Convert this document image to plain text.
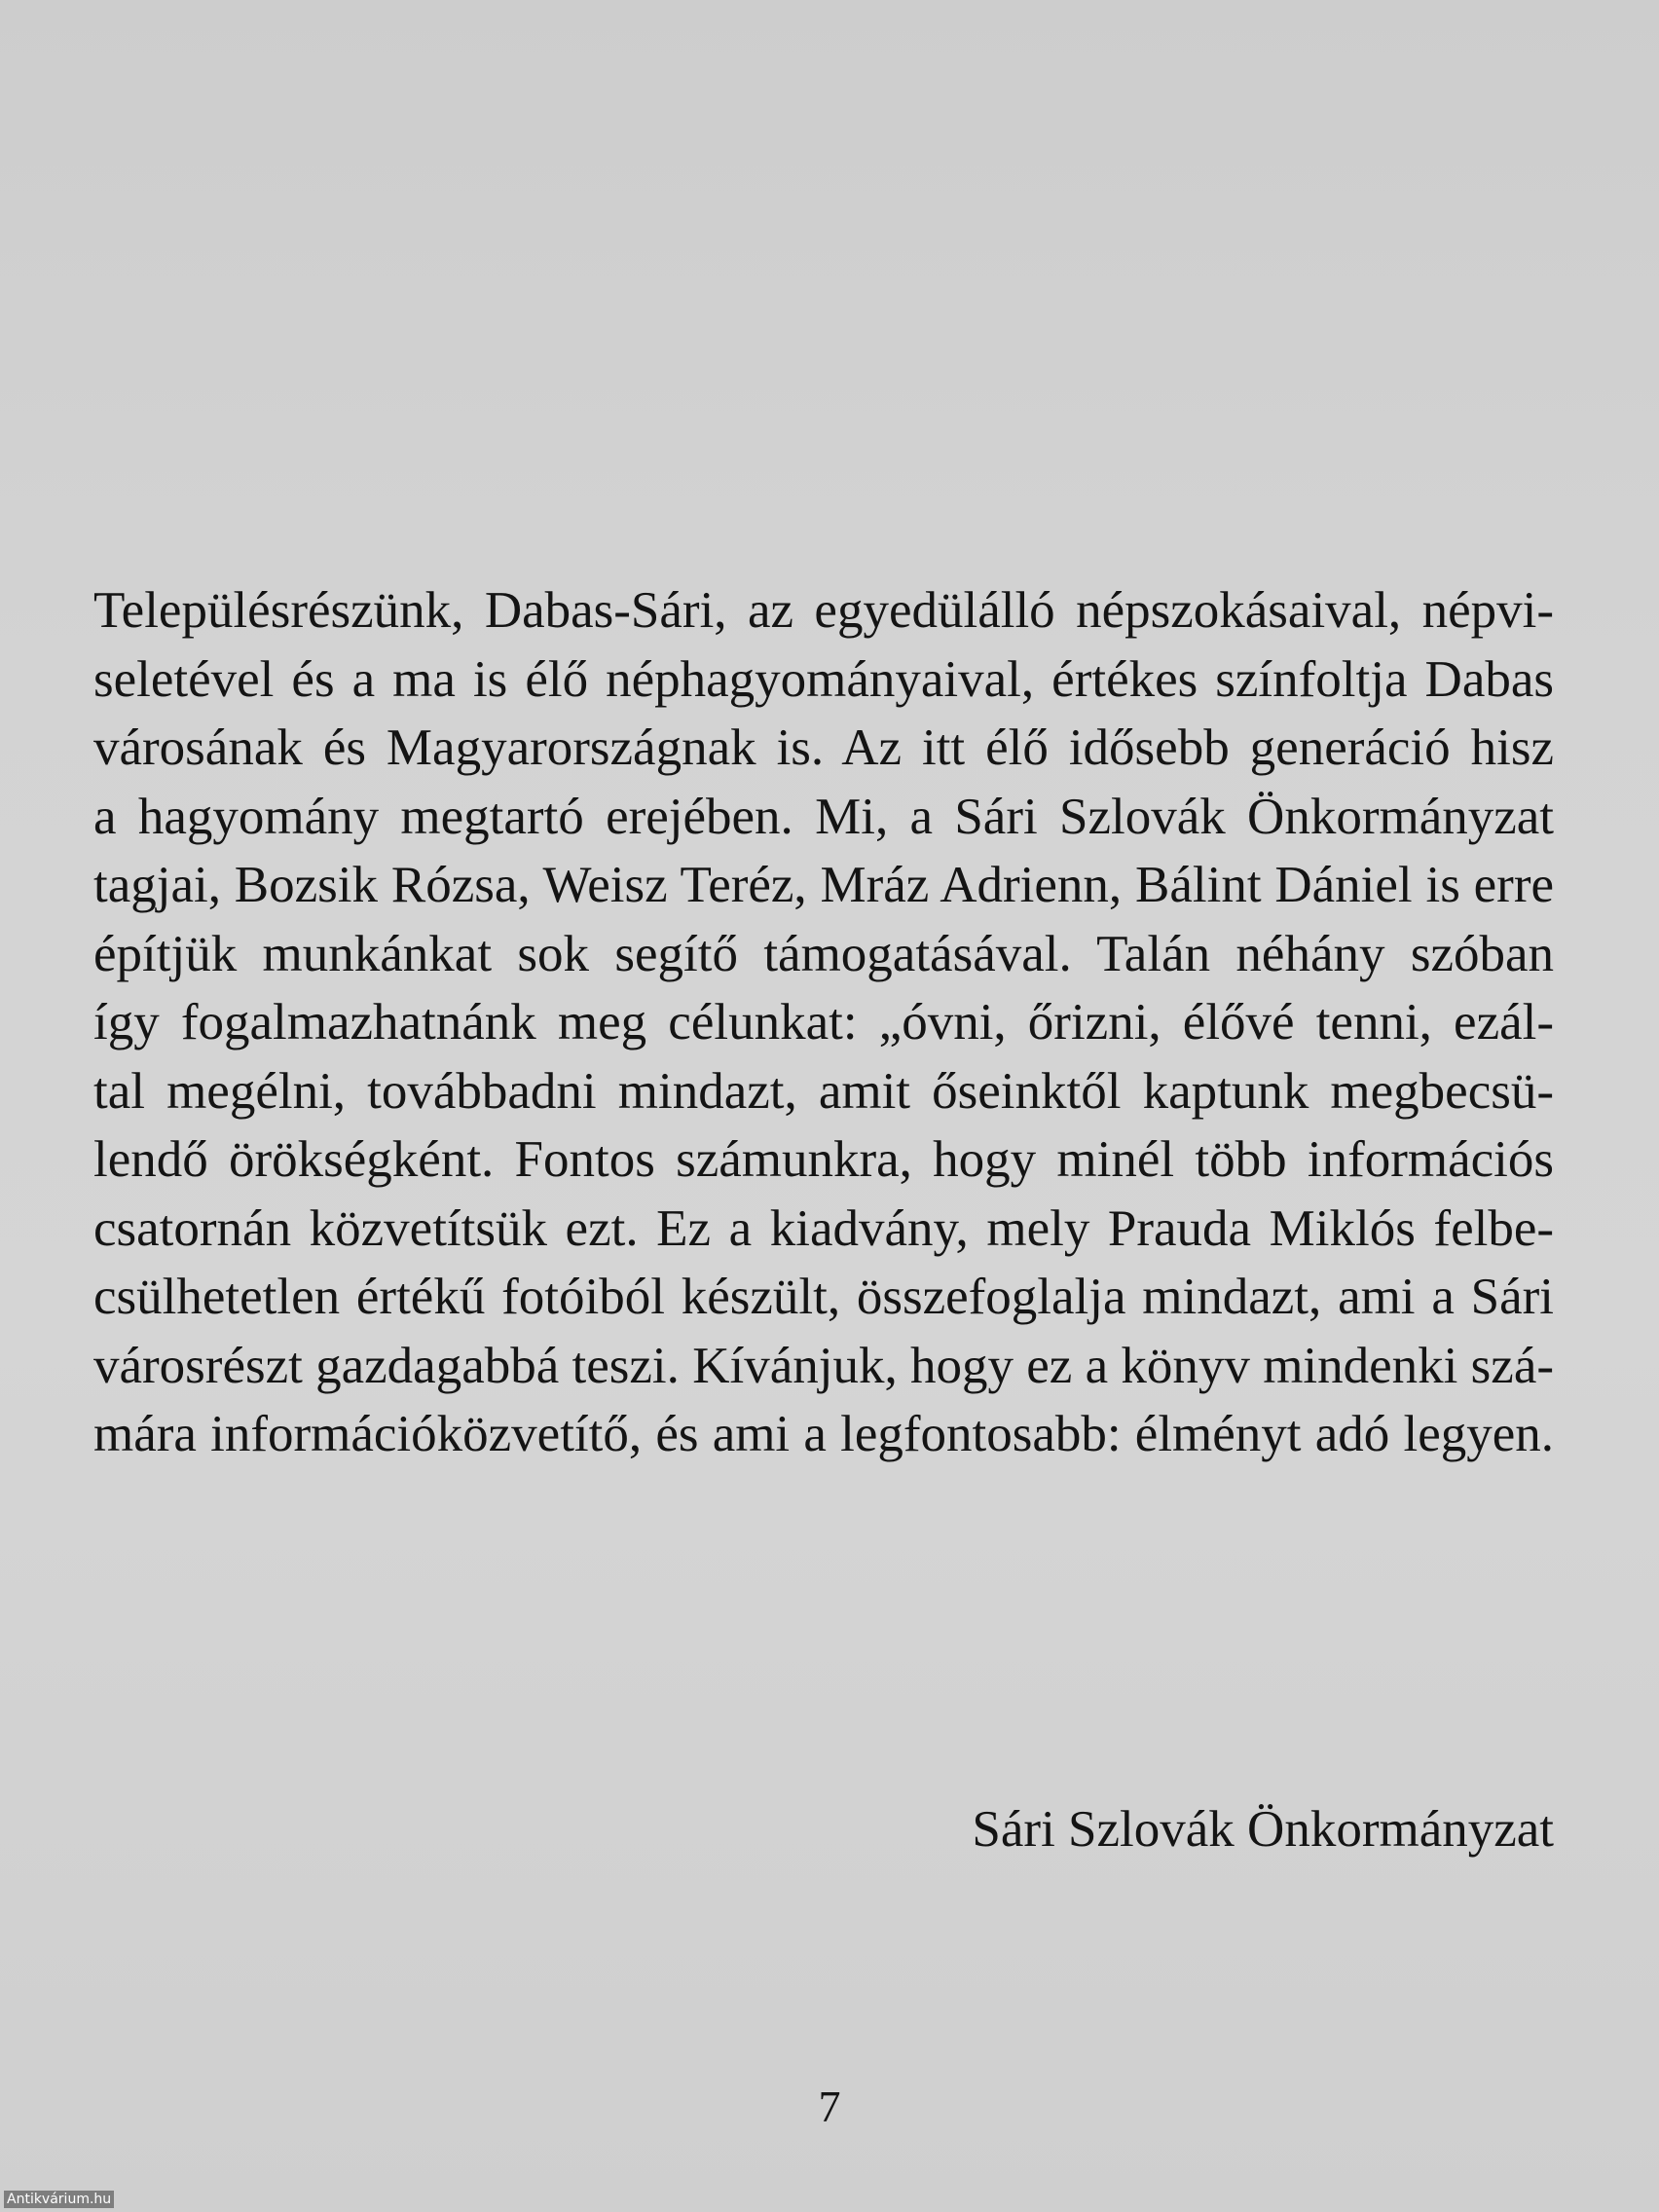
Településrészünk, Dabas-Sári, az egyedülálló népszokásaival, népvi-
seletével és a ma is élő néphagyományaival, értékes színfoltja Dabas
városának és Magyarországnak is. Az itt élő idősebb generáció hisz
a hagyomány megtartó erejében. Mi, a Sári Szlovák Önkormányzat
tagjai, Bozsik Rózsa, Weisz Teréz, Mráz Adrienn, Bálint Dániel is erre
építjük munkánkat sok segítő támogatásával. Talán néhány szóban
így fogalmazhatnánk meg célunkat: „óvni, őrizni, élővé tenni, ezál-
tal megélni, továbbadni mindazt, amit őseinktől kaptunk megbecsü-
lendő örökségként. Fontos számunkra, hogy minél több információs
csatornán közvetítsük ezt. Ez a kiadvány, mely Prauda Miklós felbe-
csülhetetlen értékű fotóiból készült, összefoglalja mindazt, ami a Sári
városrészt gazdagabbá teszi. Kívánjuk, hogy ez a könyv mindenki szá-
mára információközvetítő, és ami a legfontosabb: élményt adó legyen.

Sári Szlovák Önkormányzat

7

Antikvárium.hu
